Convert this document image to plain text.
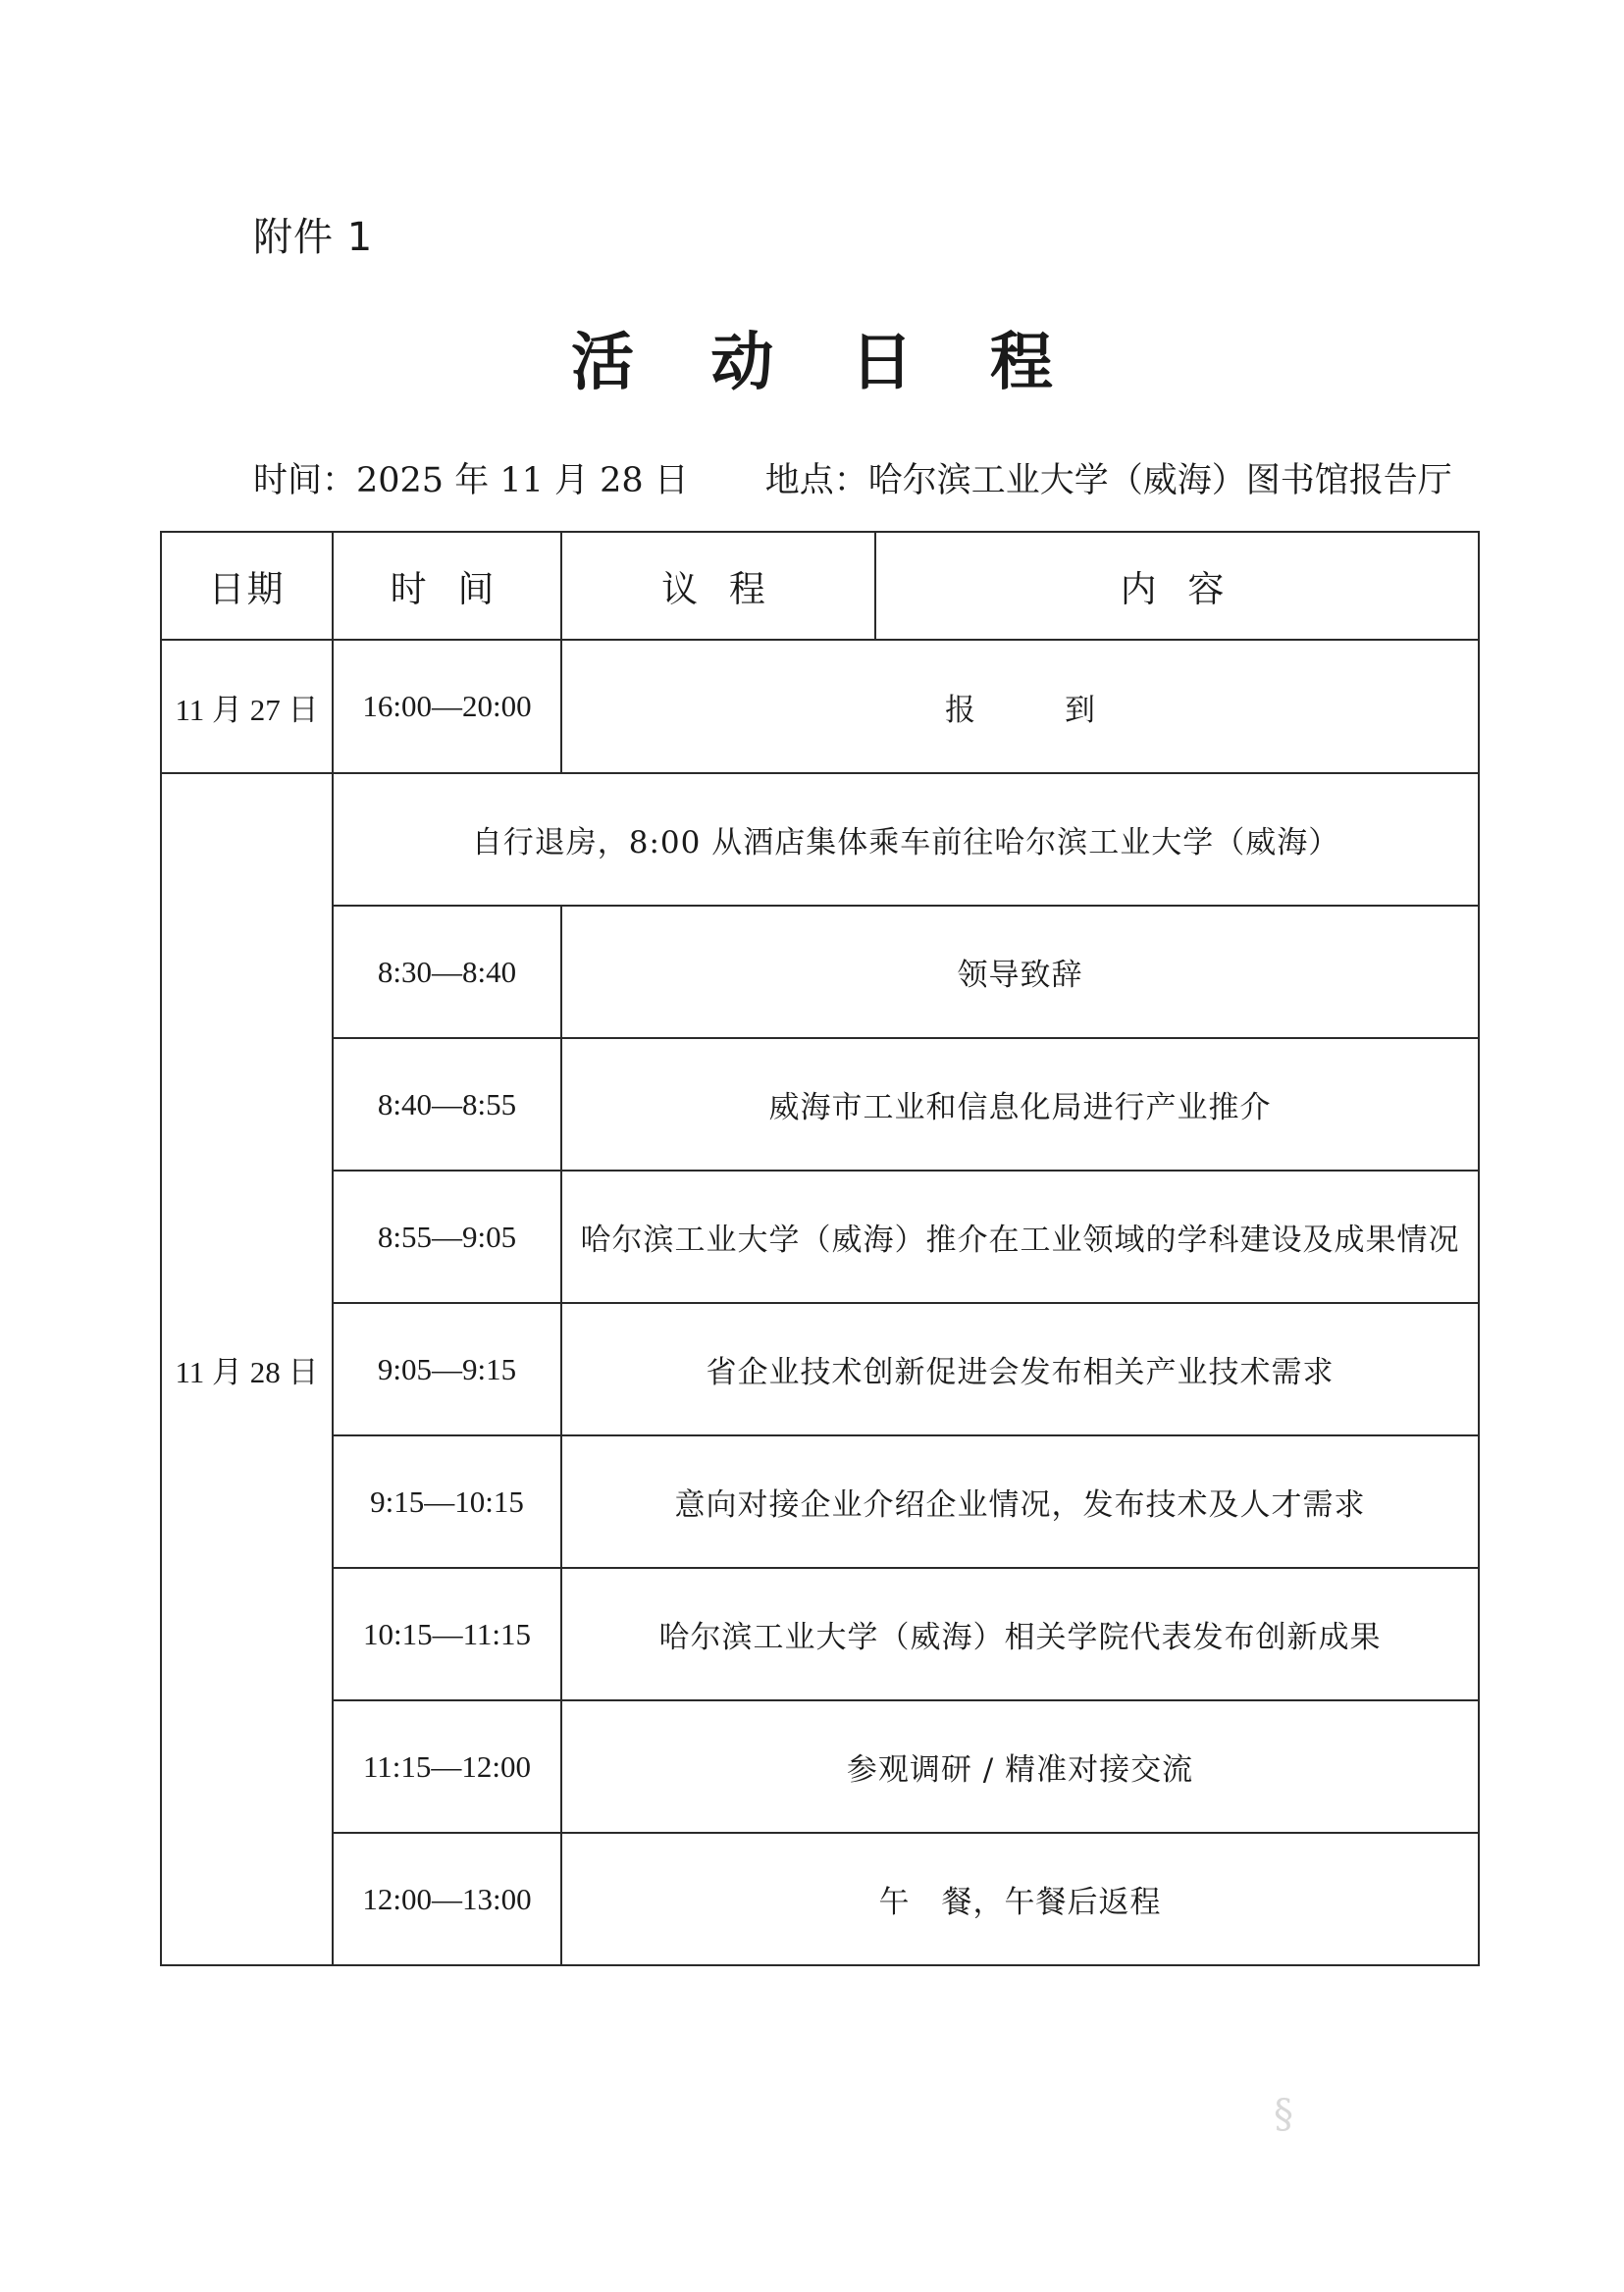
附件 1
活 动 日 程
时间：2025 年 11 月 28 日 地点：哈尔滨工业大学（威海）图书馆报告厅
日期	时 间	议 程	内 容
11 月 27 日	16:00—20:00	报　到	
11 月 28 日	自行退房，8:00 从酒店集体乘车前往哈尔滨工业大学（威海）		
	8:30—8:40	领导致辞	
	8:40—8:55	威海市工业和信息化局进行产业推介	
	8:55—9:05	哈尔滨工业大学（威海）推介在工业领域的学科建设及成果情况	
	9:05—9:15	省企业技术创新促进会发布相关产业技术需求	
	9:15—10:15	意向对接企业介绍企业情况，发布技术及人才需求	
	10:15—11:15	哈尔滨工业大学（威海）相关学院代表发布创新成果	
	11:15—12:00	参观调研 / 精准对接交流	
	12:00—13:00	午　餐，午餐后返程	
§
